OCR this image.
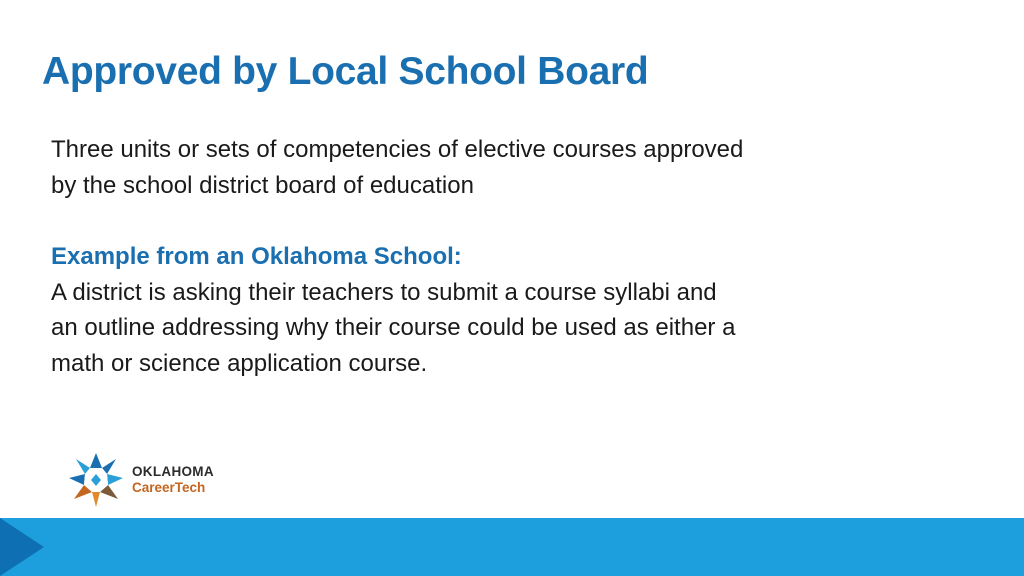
Approved by Local School Board

Three units or sets of competencies of elective courses approved

by the school district board of education

Example from an Oklahoma School:

A district is asking their teachers to submit a course syllabi and

an outline addressing why their course could be used as either a

math or science application course.

OKLAHOMA
CareerTech
